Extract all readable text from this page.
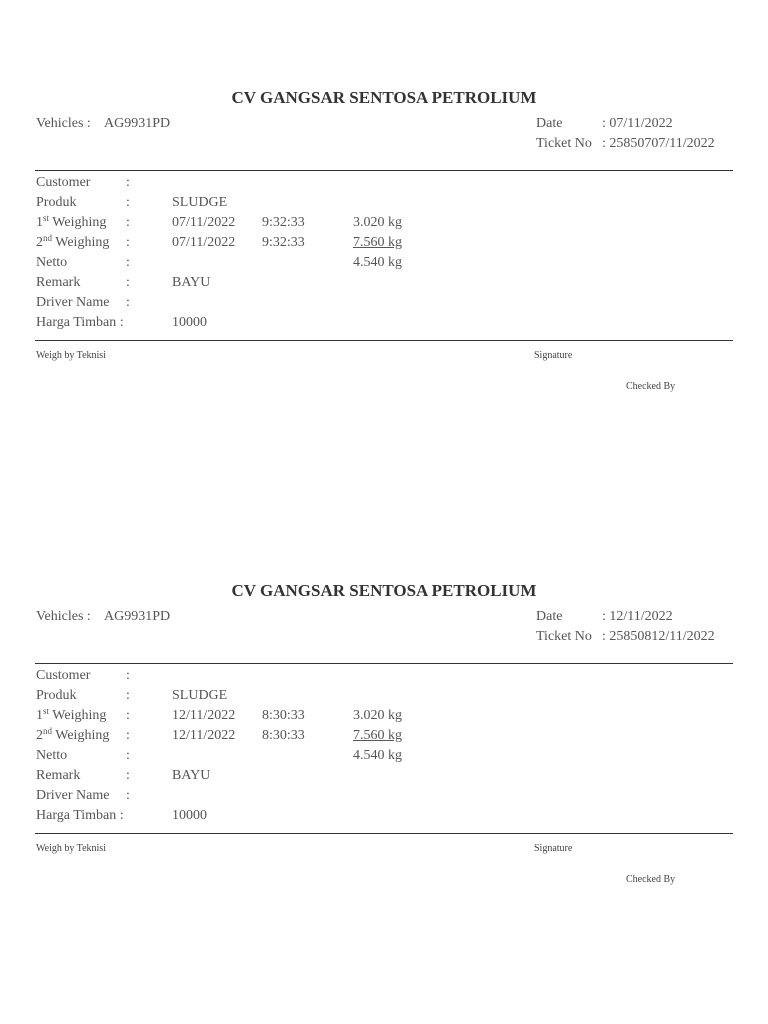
CV GANGSAR SENTOSA PETROLIUM
Vehicles : AG9931PD	Date	: 07/11/2022
Ticket No : 25850707/11/2022
Customer	:
Produk	:	SLUDGE
1st Weighing :	07/11/2022 9:32:33	3.020 kg
2nd Weighing :	07/11/2022 9:32:33	7.560 kg
Netto	:	4.540 kg
Remark	:	BAYU
Driver Name :
Harga Timban :	10000
Weigh by Teknisi	Signature
Checked By
CV GANGSAR SENTOSA PETROLIUM
Vehicles : AG9931PD	Date	: 12/11/2022
Ticket No : 25850812/11/2022
Customer	:
Produk	:	SLUDGE
1st Weighing :	12/11/2022 8:30:33	3.020 kg
2nd Weighing :	12/11/2022 8:30:33	7.560 kg
Netto	:	4.540 kg
Remark	:	BAYU
Driver Name :
Harga Timban :	10000
Weigh by Teknisi	Signature
Checked By
